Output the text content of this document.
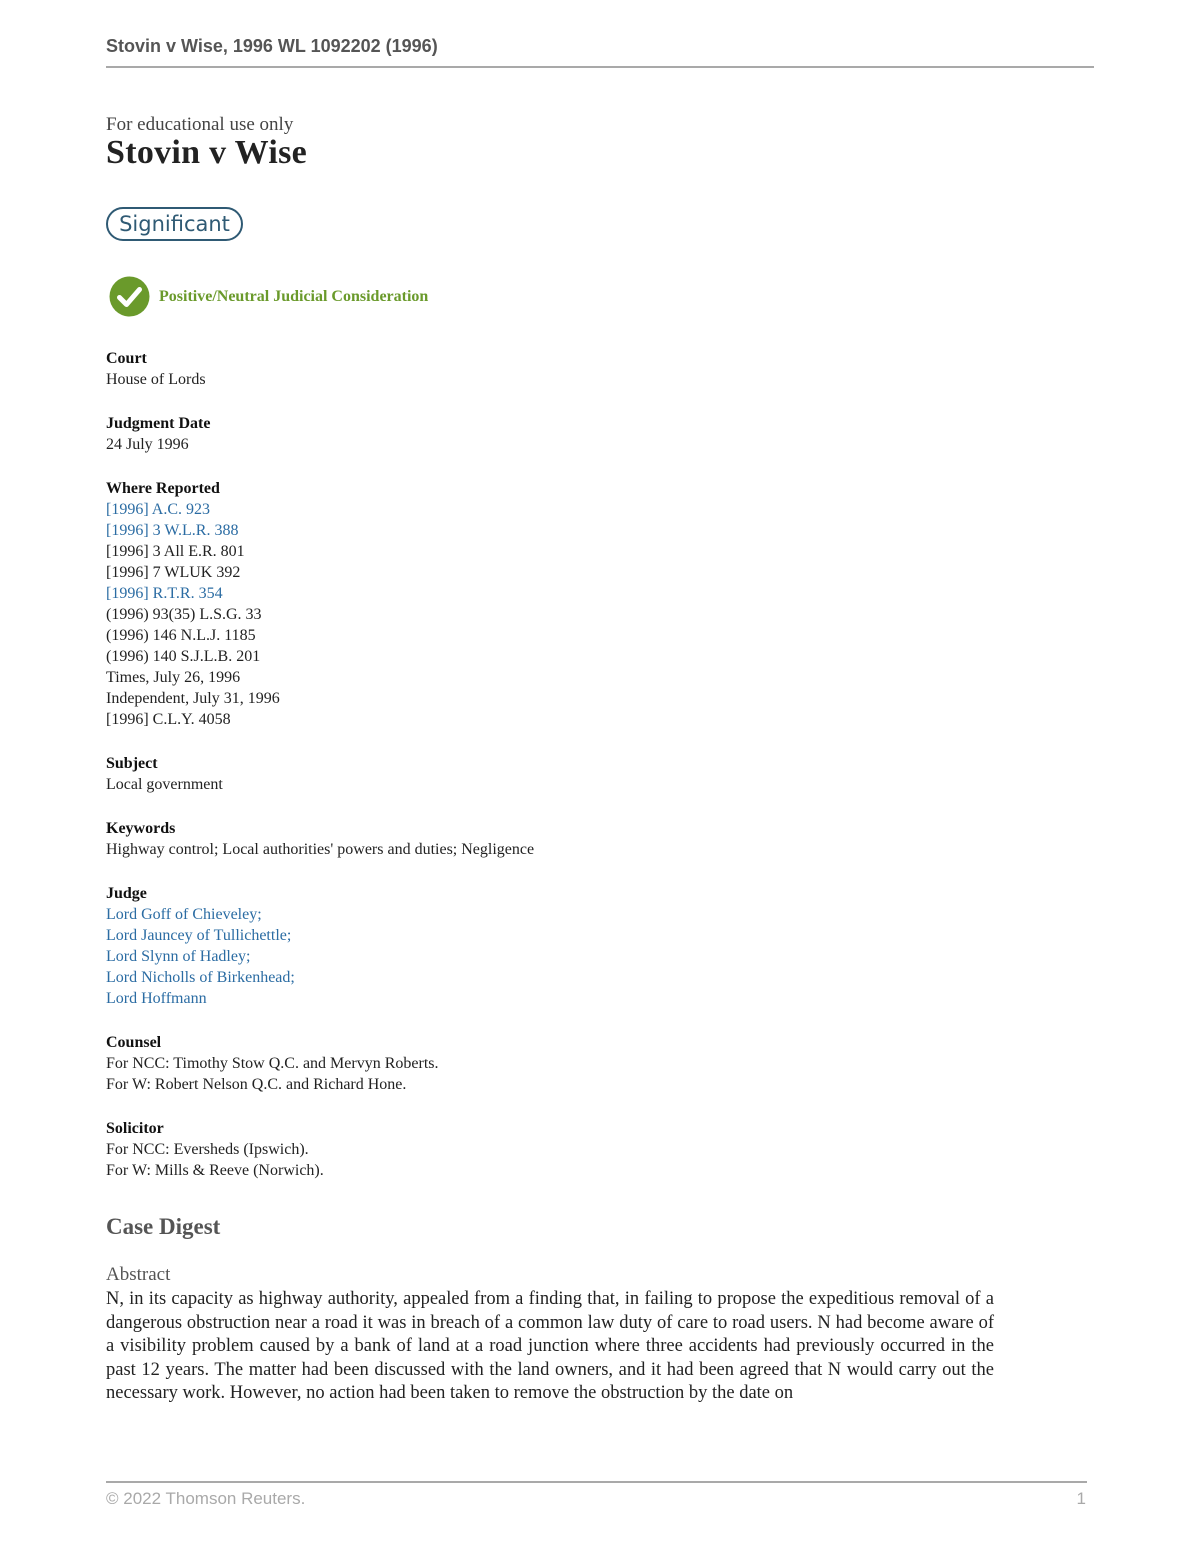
Stovin v Wise, 1996 WL 1092202 (1996)
For educational use only
Stovin v Wise
Significant
Positive/Neutral Judicial Consideration
Court
House of Lords
Judgment Date
24 July 1996
Where Reported
[1996] A.C. 923
[1996] 3 W.L.R. 388
[1996] 3 All E.R. 801
[1996] 7 WLUK 392
[1996] R.T.R. 354
(1996) 93(35) L.S.G. 33
(1996) 146 N.L.J. 1185
(1996) 140 S.J.L.B. 201
Times, July 26, 1996
Independent, July 31, 1996
[1996] C.L.Y. 4058
Subject
Local government
Keywords
Highway control; Local authorities' powers and duties; Negligence
Judge
Lord Goff of Chieveley;
Lord Jauncey of Tullichettle;
Lord Slynn of Hadley;
Lord Nicholls of Birkenhead;
Lord Hoffmann
Counsel
For NCC: Timothy Stow Q.C. and Mervyn Roberts.
For W: Robert Nelson Q.C. and Richard Hone.
Solicitor
For NCC: Eversheds (Ipswich).
For W: Mills & Reeve (Norwich).
Case Digest
Abstract

N, in its capacity as highway authority, appealed from a finding that, in failing to propose the expeditious removal of a dangerous obstruction near a road it was in breach of a common law duty of care to road users. N had become aware of a visibility problem caused by a bank of land at a road junction where three accidents had previously occurred in the past 12 years. The matter had been discussed with the land owners, and it had been agreed that N would carry out the necessary work. However, no action had been taken to remove the obstruction by the date on

© 2022 Thomson Reuters.	1
